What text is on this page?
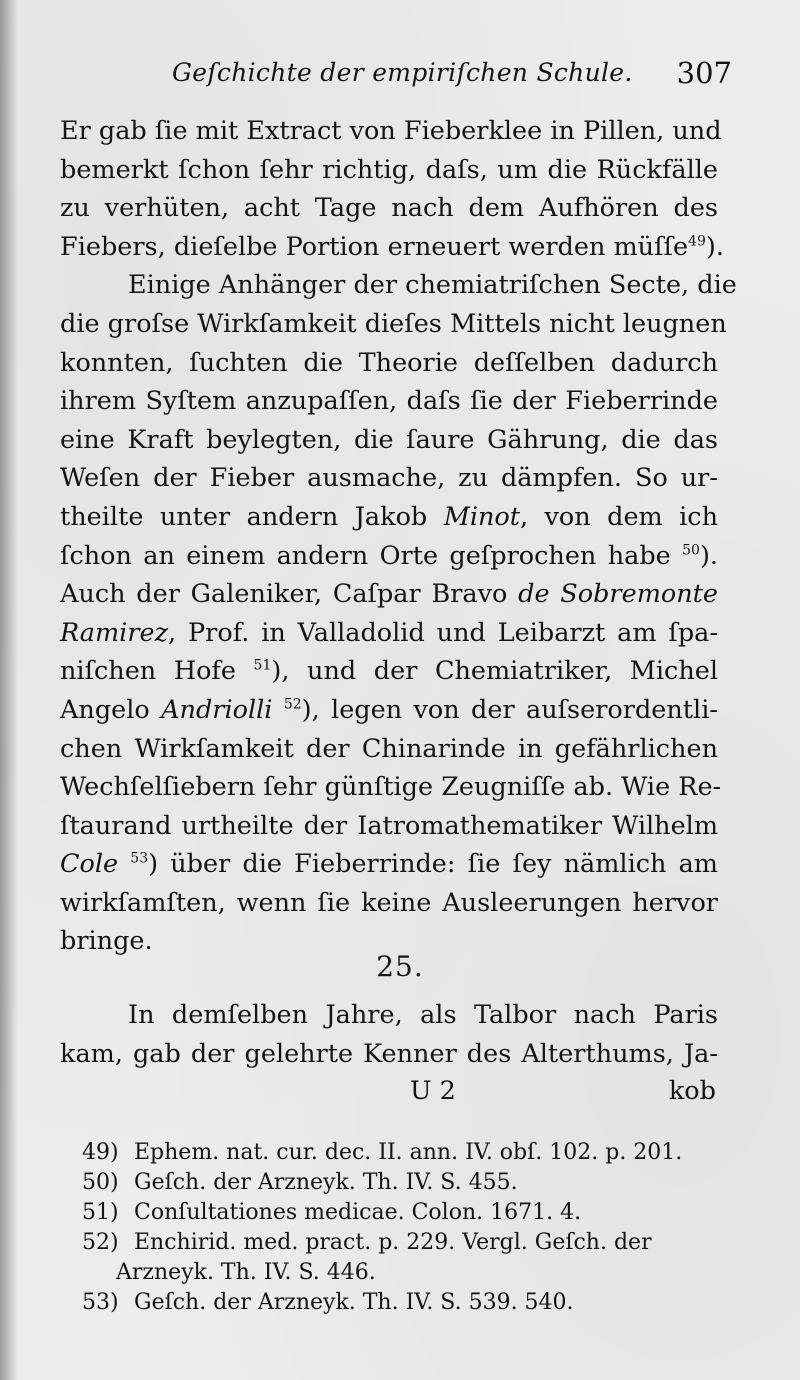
Geſchichte der empiriſchen Schule. 307
Er gab ſie mit Extract von Fieberklee in Pillen, und
bemerkt ſchon ſehr richtig, daſs, um die Rückfälle
zu verhüten, acht Tage nach dem Aufhören des
Fiebers, dieſelbe Portion erneuert werden müſſe$^{49}$).
Einige Anhänger der chemiatriſchen Secte, die
die groſse Wirkſamkeit dieſes Mittels nicht leugnen
konnten, ſuchten die Theorie deſſelben dadurch
ihrem Syſtem anzupaſſen, daſs ſie der Fieberrinde
eine Kraft beylegten, die ſaure Gährung, die das
Weſen der Fieber ausmache, zu dämpfen. So ur-
theilte unter andern Jakob Minot, von dem ich
ſchon an einem andern Orte geſprochen habe $^{50}$).
Auch der Galeniker, Caſpar Bravo de Sobremonte
Ramirez, Prof. in Valladolid und Leibarzt am ſpa-
niſchen Hofe $^{51}$), und der Chemiatriker, Michel
Angelo Andriolli $^{52}$), legen von der auſserordentli-
chen Wirkſamkeit der Chinarinde in gefährlichen
Wechſelſiebern ſehr günſtige Zeugniſſe ab. Wie Re-
ſtaurand urtheilte der Iatromathematiker Wilhelm
Cole $^{53}$) über die Fieberrinde: ſie ſey nämlich am
wirkſamſten, wenn ſie keine Ausleerungen hervor
bringe.
25.
In demſelben Jahre, als Talbor nach Paris
kam, gab der gelehrte Kenner des Alterthums, Ja-
U 2	kob
49) Ephem. nat. cur. dec. II. ann. IV. obſ. 102. p. 201.
50) Geſch. der Arzneyk. Th. IV. S. 455.
51) Conſultationes medicae. Colon. 1671. 4.
52) Enchirid. med. pract. p. 229. Vergl. Geſch. der
Arzneyk. Th. IV. S. 446.
53) Geſch. der Arzneyk. Th. IV. S. 539. 540.
